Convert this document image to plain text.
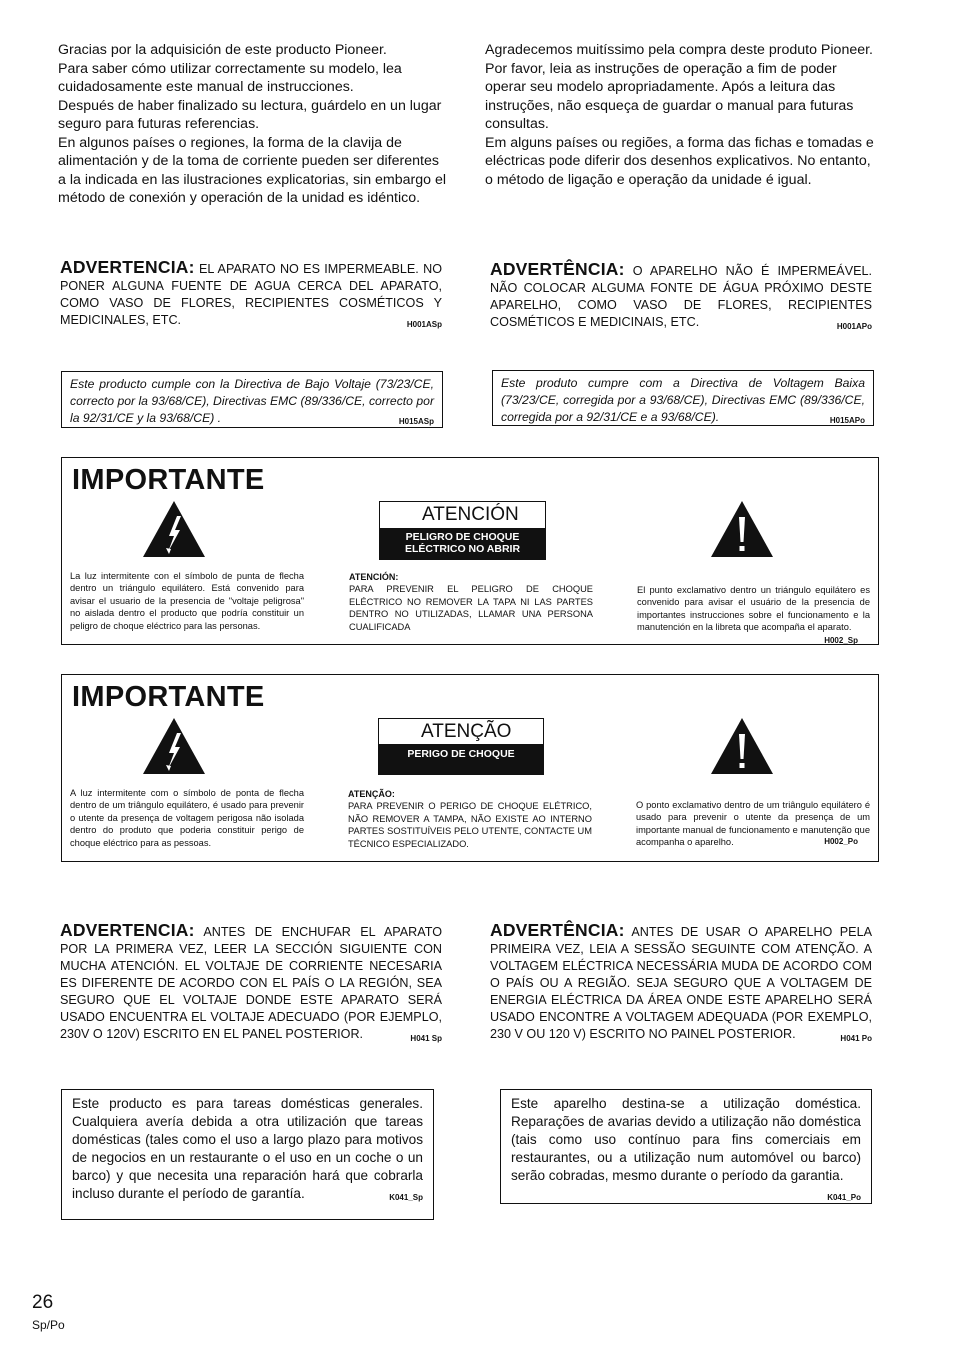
Gracias por la adquisición de este producto Pioneer.

Para saber cómo utilizar correctamente su modelo, lea cuidadosamente este manual de instrucciones.

Después de haber finalizado su lectura, guárdelo en un lugar seguro para futuras referencias.

En algunos países o regiones, la forma de la clavija de alimentación y de la toma de corriente pueden ser diferentes a la indicada en las ilustraciones explicatorias, sin embargo el método de conexión y operación de la unidad es idéntico.

Agradecemos muitíssimo pela compra deste produto Pioneer.

Por favor, leia as instruções de operação a fim de poder operar seu modelo apropriadamente. Após a leitura das instruções, não esqueça de guardar o manual para futuras consultas.

Em alguns países ou regiões, a forma das fichas e tomadas e eléctricas pode diferir dos desenhos explicativos. No entanto, o método de ligação e operação da unidade é igual.

ADVERTENCIA: EL APARATO NO ES IMPERMEABLE. NO PONER ALGUNA FUENTE DE AGUA CERCA DEL APARATO, COMO VASO DE FLORES, RECIPIENTES COSMÉTICOS Y MEDICINALES, ETC.	H001ASp
ADVERTÊNCIA: O APARELHO NÃO É IMPERMEÁVEL. NÃO COLOCAR ALGUMA FONTE DE ÁGUA PRÓXIMO DESTE APARELHO, COMO VASO DE FLORES, RECIPIENTES COSMÉTICOS E MEDICINAIS, ETC.	H001APo
Este producto cumple con la Directiva de Bajo Voltaje (73/23/CE, correcto por la 93/68/CE), Directivas EMC (89/336/CE, correcto por la 92/31/CE y la 93/68/CE) .	H015ASp
Este produto cumpre com a Directiva de Voltagem Baixa (73/23/CE, corregida por a 93/68/CE), Directivas EMC (89/336/CE, corregida por a 92/31/CE e a 93/68/CE).	H015APo
IMPORTANTE
ATENCIÓN
PELIGRO DE CHOQUE
ELÉCTRICO NO ABRIR
La luz intermitente con el símbolo de punta de flecha dentro un triángulo equilátero. Está convenido para avisar el usuario de la presencia de "voltaje peligrosa" no aislada dentro el producto que podría constituir un peligro de choque eléctrico para las personas.
ATENCIÓN:
PARA PREVENIR EL PELIGRO DE CHOQUE ELÉCTRICO NO REMOVER LA TAPA NI LAS PARTES DENTRO NO UTILIZADAS, LLAMAR UNA PERSONA CUALIFICADA
El punto exclamativo dentro un triángulo equilátero es convenido para avisar el usuário de la presencia de importantes instrucciones sobre el funcionamento e la manutención en la libreta que acompaña el aparato.
H002_Sp
IMPORTANTE
ATENÇÃO
PERIGO DE CHOQUE
A luz intermitente com o símbolo de ponta de flecha dentro de um triângulo equilátero, é usado para prevenir o utente da presença de voltagem perigosa não isolada dentro do produto que poderia constituir perigo de choque eléctrico para as pessoas.
ATENÇÃO:
PARA PREVENIR O PERIGO DE CHOQUE ELÉTRICO, NÃO REMOVER A TAMPA, NÃO EXISTE AO INTERNO PARTES SOSTITUÍVEIS PELO UTENTE, CONTACTE UM TÉCNICO ESPECIALIZADO.
O ponto exclamativo dentro de um triângulo equilátero é usado para prevenir o utente da presença de um importante manual de funcionamento e manutenção que acompanha o aparelho.	H002_Po
ADVERTENCIA: ANTES DE ENCHUFAR EL APARATO POR LA PRIMERA VEZ, LEER LA SECCIÓN SIGUIENTE CON MUCHA ATENCIÓN. EL VOLTAJE DE CORRIENTE NECESARIA ES DIFERENTE DE ACORDO CON EL PAÍS O LA REGIÓN, SEA SEGURO QUE EL VOLTAJE DONDE ESTE APARATO SERÁ USADO ENCUENTRA EL VOLTAJE ADECUADO (POR EJEMPLO, 230V O 120V) ESCRITO EN EL PANEL POSTERIOR.	H041 Sp
ADVERTÊNCIA: ANTES DE USAR O APARELHO PELA PRIMEIRA VEZ, LEIA A SESSÃO SEGUINTE COM ATENÇÃO. A VOLTAGEM ELÉCTRICA NECESSÁRIA MUDA DE ACORDO COM O PAÍS OU A REGIÃO. SEJA SEGURO QUE A VOLTAGEM DE ENERGIA ELÉCTRICA DA ÁREA ONDE ESTE APARELHO SERÁ USADO ENCONTRE A VOLTAGEM ADEQUADA (POR EXEMPLO, 230 V OU 120 V) ESCRITO NO PAINEL POSTERIOR.	H041 Po
Este producto es para tareas domésticas generales. Cualquiera avería debida a otra utilización que tareas domésticas (tales como el uso a largo plazo para motivos de negocios en un restaurante o el uso en un coche o un barco) y que necesita una reparación hará que cobrarla incluso durante el período de garantía.	K041_Sp
Este aparelho destina-se a utilização doméstica. Reparações de avarias devido a utilização não doméstica (tais como uso contínuo para fins comerciais em restaurantes, ou a utilização num automóvel ou barco) serão cobradas, mesmo durante o período da garantia.
K041_Po
26
Sp/Po
